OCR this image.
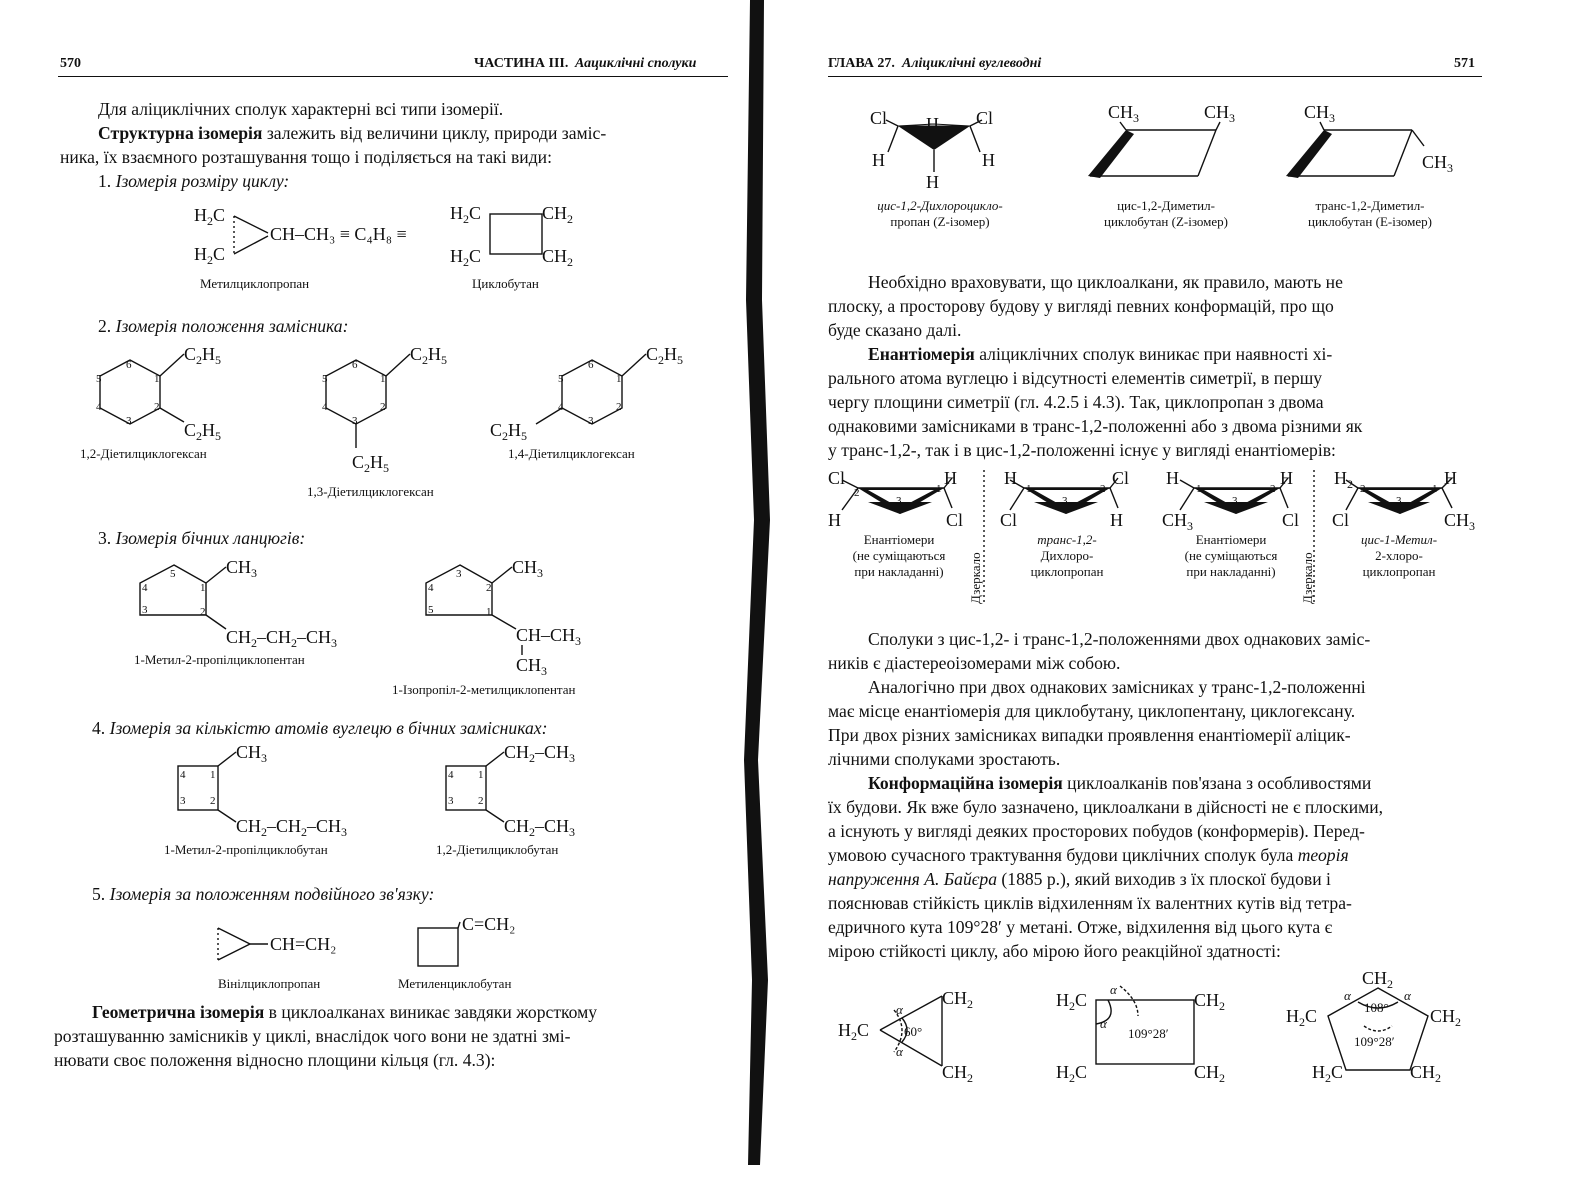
570	ЧАСТИНА ІІІ. Аациклічні сполуки
Для аліциклічних сполук характерні всі типи ізомерії.
Структурна ізомерія залежить від величини циклу, природи заміс-
ника, їх взаємного розташування тощо і поділяється на такі види:
1. Ізомерія розміру циклу:
$H_2C$
$H_2C$
CH–CH₃ ≡ C₄H₈ ≡
$H_2C$	$CH_2$
$H_2C$	$CH_2$
Метилциклопропан	Циклобутан
2. Ізомерія положення замісника:
6
1
2
3
4
5
6
1
2
3
4
5
6
1
2
3
4
5
$C_2H_5$
$C_2H_5$
$C_2H_5$
$C_2H_5$
$C_2H_5$
$C_2H_5$
1,2-Діетилциклогексан
1,3-Діетилциклогексан
1,4-Діетилциклогексан
3. Ізомерія бічних ланцюгів:
5
1
2
3
4
3
2
1
5
4
$CH_3$
$CH_2-CH_2-CH_3$
$CH_3$
$CH-CH_3$
$CH_3$
1-Метил-2-пропілциклопентан
1-Ізопропіл-2-метилциклопентан
4. Ізомерія за кількістю атомів вуглецю в бічних замісниках:
4 1
3 2
4 1
3 2
$CH_3$
$CH_2-CH_2-CH_3$
$CH_2-CH_3$
$CH_2-CH_3$
1-Метил-2-пропілциклобутан	1,2-Діетилциклобутан
5. Ізомерія за положенням подвійного зв'язку:
CH=CH₂
C=CH₂
Вінілциклопропан	Метиленциклобутан
Геометрична ізомерія в циклоалканах виникає завдяки жорсткому
розташуванню замісників у циклі, внаслідок чого вони не здатні змі-
нювати своє положення відносно площини кільця (гл. 4.3):
ГЛАВА 27. Аліциклічні вуглеводні	571
Cl H Cl
H	H
H
$CH_3$	$CH_3$	$CH_3$
$CH_3$
цис-1,2-Дихлороцикло-
пропан (Z-ізомер)
цис-1,2-Диметил-
циклобутан (Z-ізомер)
транс-1,2-Диметил-
циклобутан (E-ізомер)
Необхідно враховувати, що циклоалкани, як правило, мають не
плоску, а просторову будову у вигляді певних конформацій, про що
буде сказано далі.
Енантіомерія аліциклічних сполук виникає при наявності хі-
рального атома вуглецю і відсутності елементів симетрії, в першу
чергу площини симетрії (гл. 4.2.5 і 4.3). Так, циклопропан з двома
однаковими замісниками в транс-1,2-положенні або з двома різними як
у транс-1,2-, так і в цис-1,2-положенні існує у вигляді енантіомерів:
2
3
1	1
3
2	1
3
2	2
3
1
Cl	H
H	Cl
H	Cl
Cl	H
H	H
$CH_3$	Cl
$H_2$	H
Cl	$CH_3$
Енантіомери
(не суміщаються
при накладанні)	Дзеркало
транс-1,2-
Дихлоро-
циклопропан
Енантіомери
(не суміщаються
при накладанні)	Дзеркало
цис-1-Метил-
2-хлоро-
циклопропан
Сполуки з цис-1,2- і транс-1,2-положеннями двох однакових заміс-
ників є діастереоізомерами між собою.
Аналогічно при двох однакових замісниках у транс-1,2-положенні
має місце енантіомерія для циклобутану, циклопентану, циклогексану.
При двох різних замісниках випадки проявлення енантіомерії аліцик-
лічними сполуками зростають.
Конформаційна ізомерія циклоалканів пов'язана з особливостями
їх будови. Як вже було зазначено, циклоалкани в дійсності не є плоскими,
а існують у вигляді деяких просторових побудов (конформерів). Перед-
умовою сучасного трактування будови циклічних сполук була теорія
напруження А. Байєра (1885 р.), який виходив з їх плоскої будови і
пояснював стійкість циклів відхиленням їх валентних кутів від тетра-
едричного кута 109°28′ у метані. Отже, відхилення від цього кута є
мірою стійкості циклу, або мірою його реакційної здатності:
$H_2C$
$CH_2$
$CH_2$
$H_2C$	$CH_2$
$H_2C$	$CH_2$
$CH_2$
$H_2C$	$CH_2$
$H_2C$	$CH_2$
60°	109°28′
108°
109°28′
α
α
α
α
α	α
